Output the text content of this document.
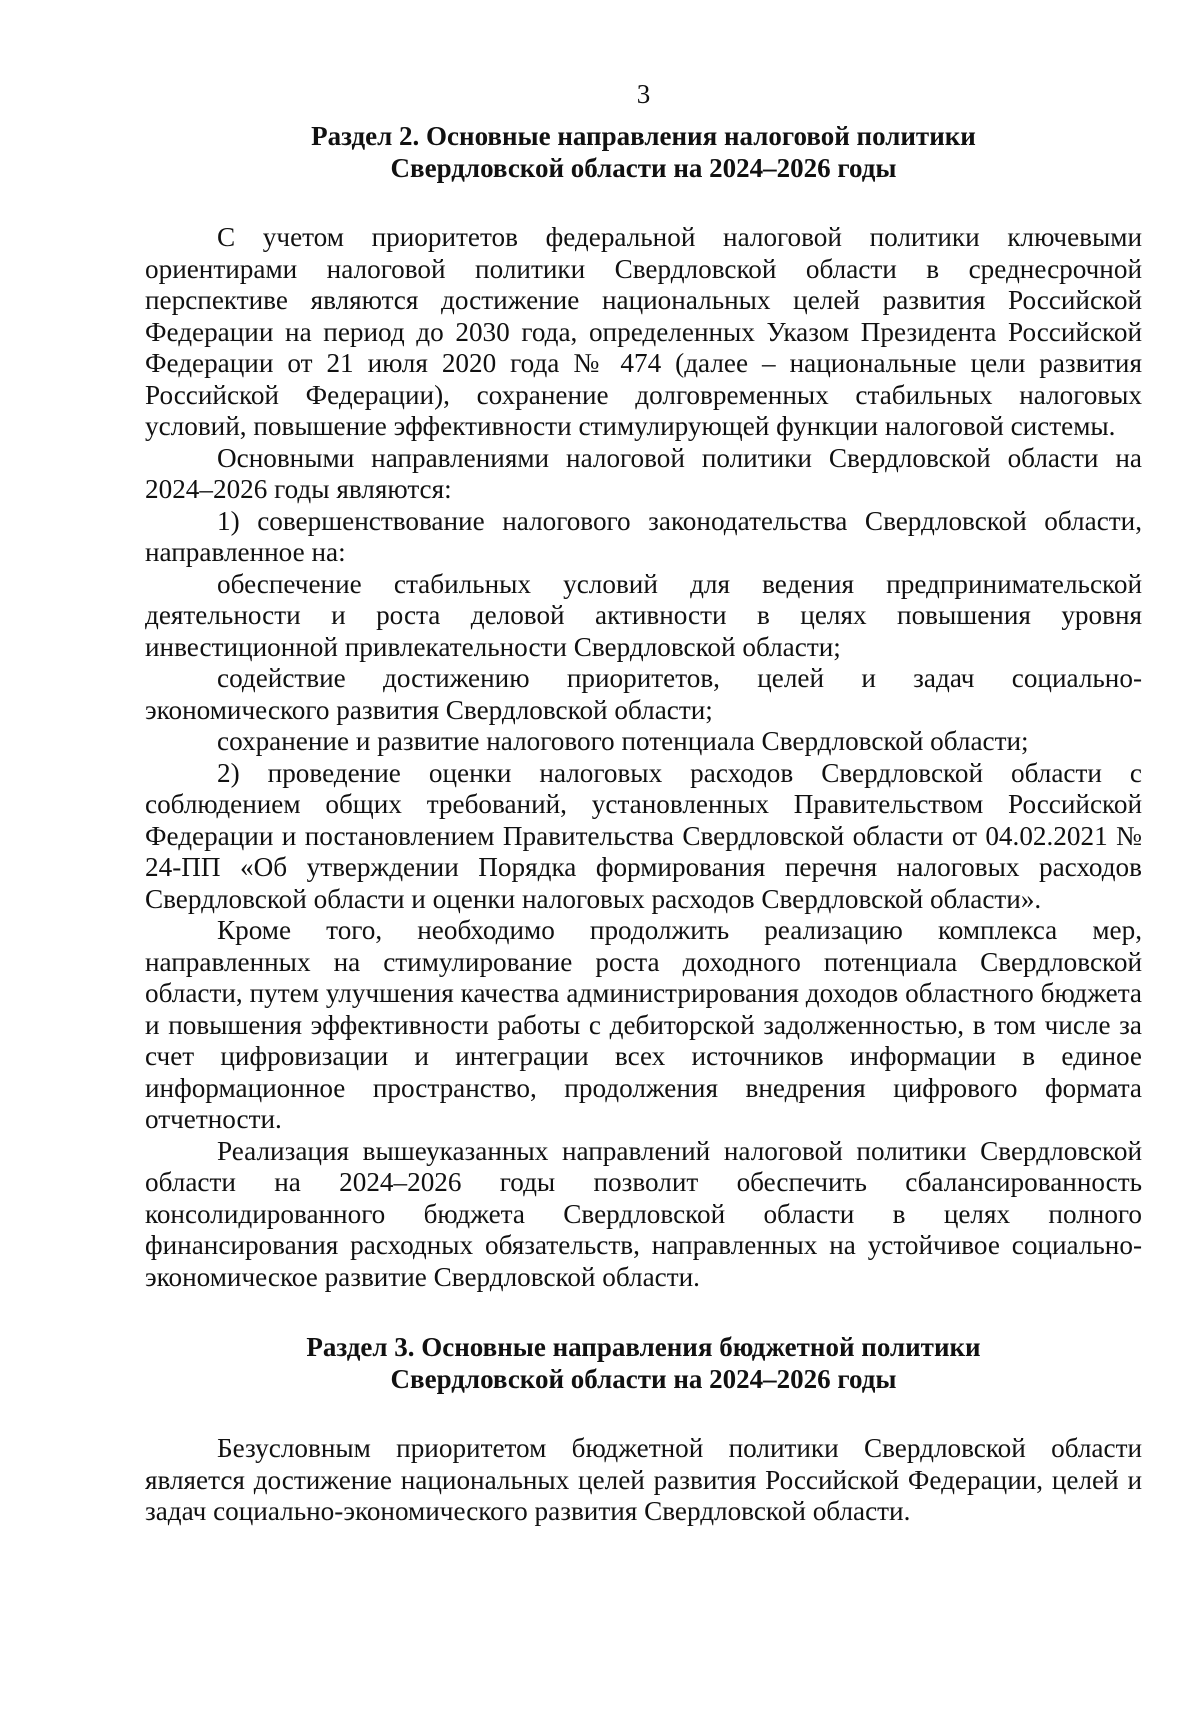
3
Раздел 2. Основные направления налоговой политики
Свердловской области на 2024–2026 годы

С учетом приоритетов федеральной налоговой политики ключевыми ориентирами налоговой политики Свердловской области в среднесрочной перспективе являются достижение национальных целей развития Российской Федерации на период до 2030 года, определенных Указом Президента Российской Федерации от 21 июля 2020 года № 474 (далее – национальные цели развития Российской Федерации), сохранение долговременных стабильных налоговых условий, повышение эффективности стимулирующей функции налоговой системы.

Основными направлениями налоговой политики Свердловской области на 2024–2026 годы являются:

1) совершенствование налогового законодательства Свердловской области, направленное на:

обеспечение стабильных условий для ведения предпринимательской деятельности и роста деловой активности в целях повышения уровня инвестиционной привлекательности Свердловской области;

содействие достижению приоритетов, целей и задач социально-экономического развития Свердловской области;

сохранение и развитие налогового потенциала Свердловской области;

2) проведение оценки налоговых расходов Свердловской области с соблюдением общих требований, установленных Правительством Российской Федерации и постановлением Правительства Свердловской области от 04.02.2021 № 24-ПП «Об утверждении Порядка формирования перечня налоговых расходов Свердловской области и оценки налоговых расходов Свердловской области».

Кроме того, необходимо продолжить реализацию комплекса мер, направленных на стимулирование роста доходного потенциала Свердловской области, путем улучшения качества администрирования доходов областного бюджета и повышения эффективности работы с дебиторской задолженностью, в том числе за счет цифровизации и интеграции всех источников информации в единое информационное пространство, продолжения внедрения цифрового формата отчетности.

Реализация вышеуказанных направлений налоговой политики Свердловской области на 2024–2026 годы позволит обеспечить сбалансированность консолидированного бюджета Свердловской области в целях полного финансирования расходных обязательств, направленных на устойчивое социально-экономическое развитие Свердловской области.

Раздел 3. Основные направления бюджетной политики
Свердловской области на 2024–2026 годы

Безусловным приоритетом бюджетной политики Свердловской области является достижение национальных целей развития Российской Федерации, целей и задач социально-экономического развития Свердловской области.
